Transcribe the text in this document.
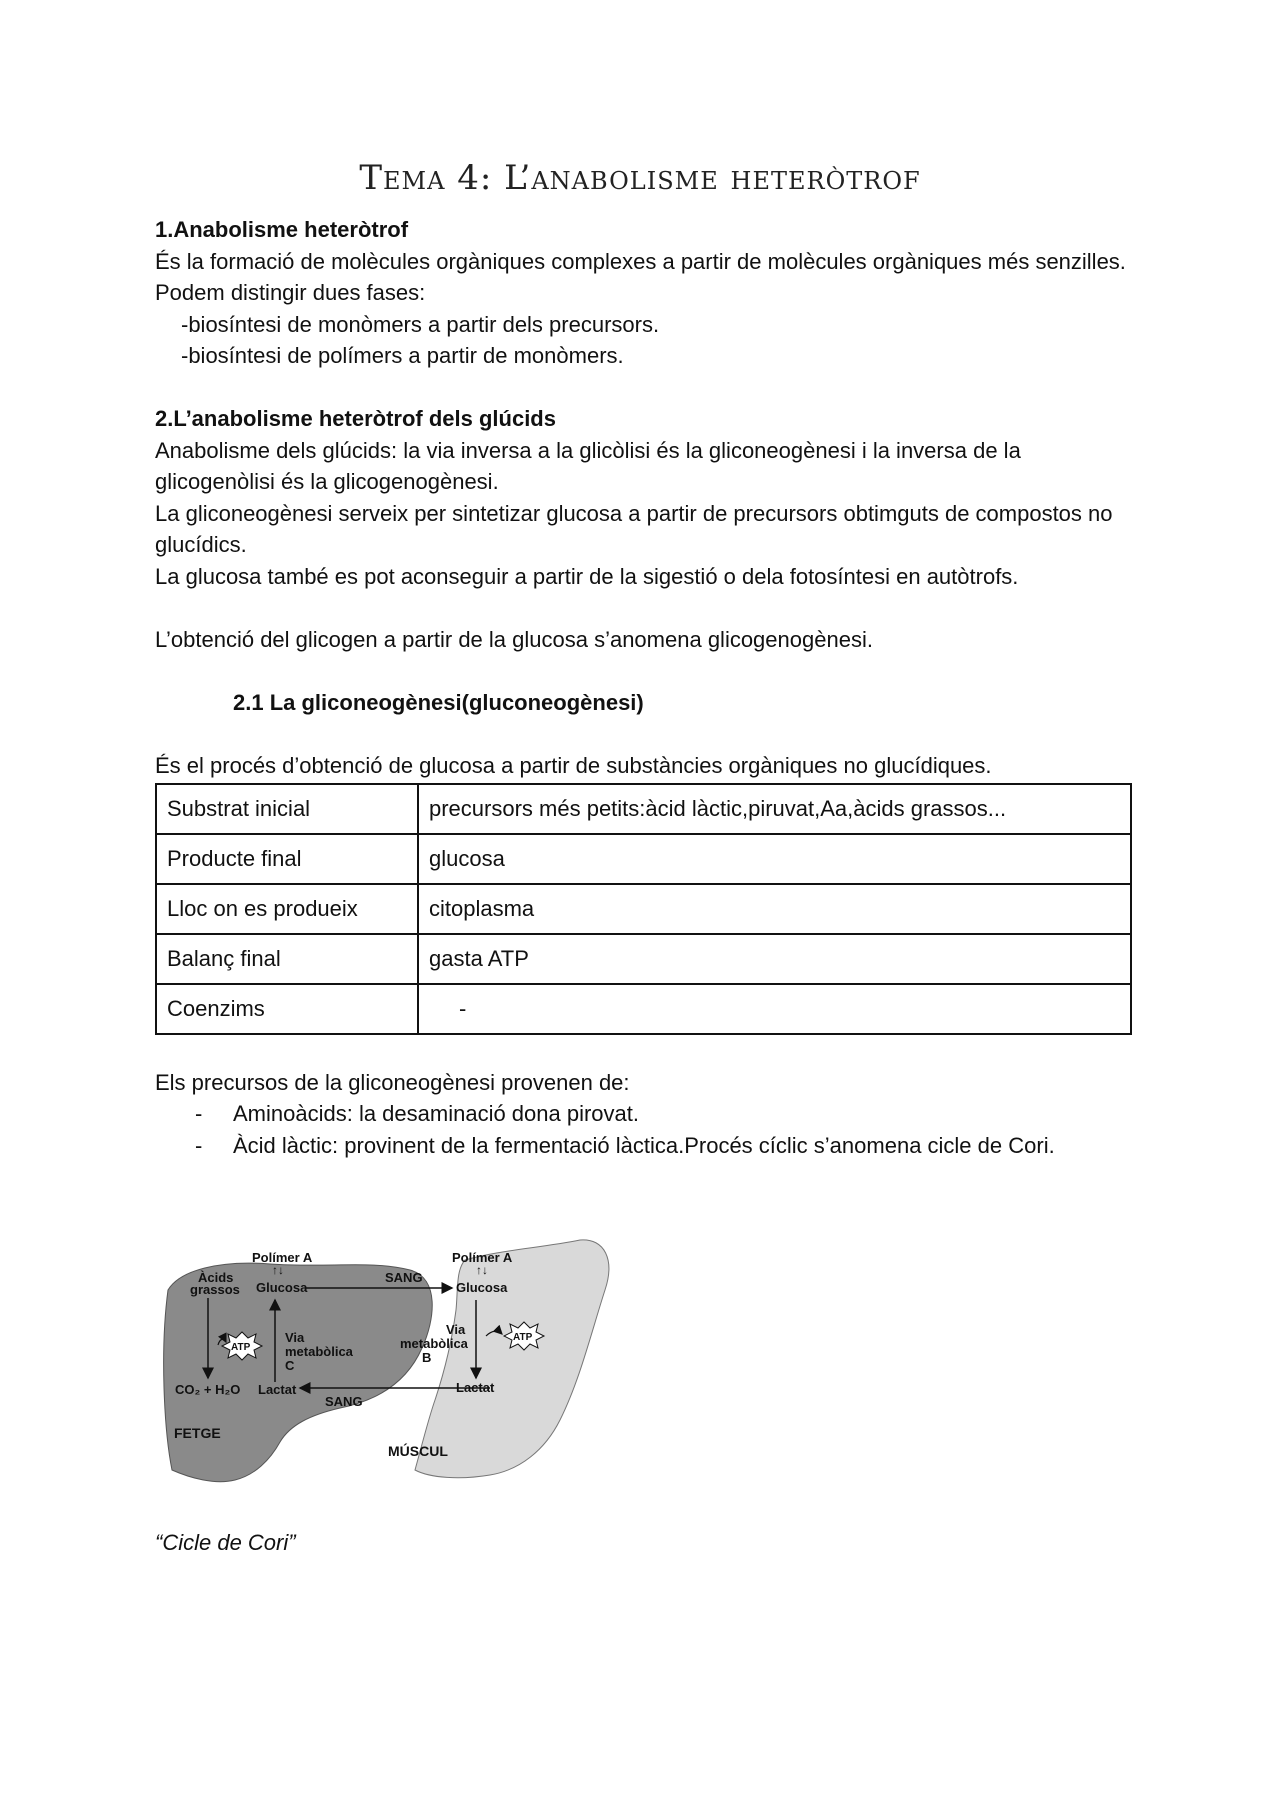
Tema 4: L’anabolisme heteròtrof

1.Anabolisme heteròtrof

És la formació de molècules orgàniques complexes a partir de molècules orgàniques més senzilles. Podem distingir dues fases:

-biosíntesi de monòmers a partir dels precursors.

-biosíntesi de polímers a partir de monòmers.

2.L’anabolisme heteròtrof dels glúcids

Anabolisme dels glúcids: la via inversa a la glicòlisi és la gliconeogènesi i la inversa de la glicogenòlisi és la glicogenogènesi.

La gliconeogènesi serveix per sintetizar glucosa a partir de precursors obtimguts de compostos no glucídics.

La glucosa també es pot aconseguir a partir de la sigestió o dela fotosíntesi en autòtrofs.

L’obtenció del glicogen a partir de la glucosa s’anomena glicogenogènesi.

2.1 La gliconeogènesi(gluconeogènesi)

És el procés d’obtenció de glucosa a partir de substàncies orgàniques no glucídiques.

Substrat inicial	precursors més petits:àcid làctic,piruvat,Aa,àcids grassos...
Producte final	glucosa
Lloc on es produeix	citoplasma
Balanç final	gasta ATP
Coenzims	-

Els precursos de la gliconeogènesi provenen de:

- Aminoàcids: la desaminació dona pirovat.
- Àcid làctic: provinent de la fermentació làctica.Procés cíclic s’anomena cicle de Cori.
Polímer A
↑↓
Àcids
grassos Glucosa
Via
metabòlica
C
CO₂ + H₂O Lactat
FETGE
ATP
Polímer A
↑↓
Glucosa
Via
metabòlica
B
Lactat
MÚSCUL
ATP
SANG
SANG
“Cicle de Cori”
